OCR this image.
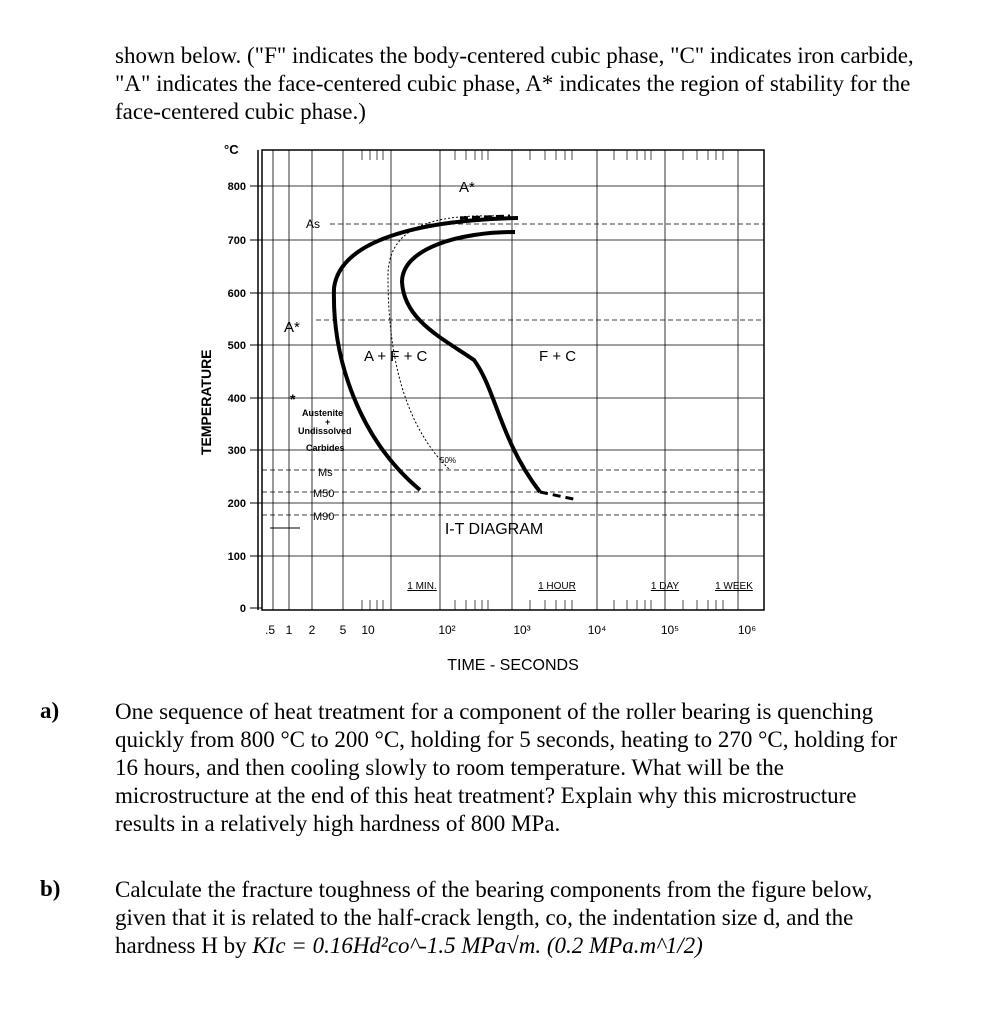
shown below. ("F" indicates the body-centered cubic phase, "C" indicates iron carbide, "A" indicates the face-centered cubic phase, A* indicates the region of stability for the face-centered cubic phase.)

°C
TEMPERATURE
800
700
600
500
400
300
200
100
0
.5 1 2 5 10	10²	10³	10⁴	10⁵	10⁶
TIME - SECONDS
I-T DIAGRAM
1 MIN.	1 HOUR	1 DAY	1 WEEK
A*
A*
As
A + F + C	F + C
*
Austenite
+
Undissolved
Carbides
Ms
M50
M90
50%
a) One sequence of heat treatment for a component of the roller bearing is quenching quickly from 800 °C to 200 °C, holding for 5 seconds, heating to 270 °C, holding for 16 hours, and then cooling slowly to room temperature. What will be the microstructure at the end of this heat treatment? Explain why this microstructure results in a relatively high hardness of 800 MPa.

b) Calculate the fracture toughness of the bearing components from the figure below, given that it is related to the half-crack length, co, the indentation size d, and the hardness H by KIc = 0.16Hd²co^-1.5 MPa√m. (0.2 MPa.m^1/2)
